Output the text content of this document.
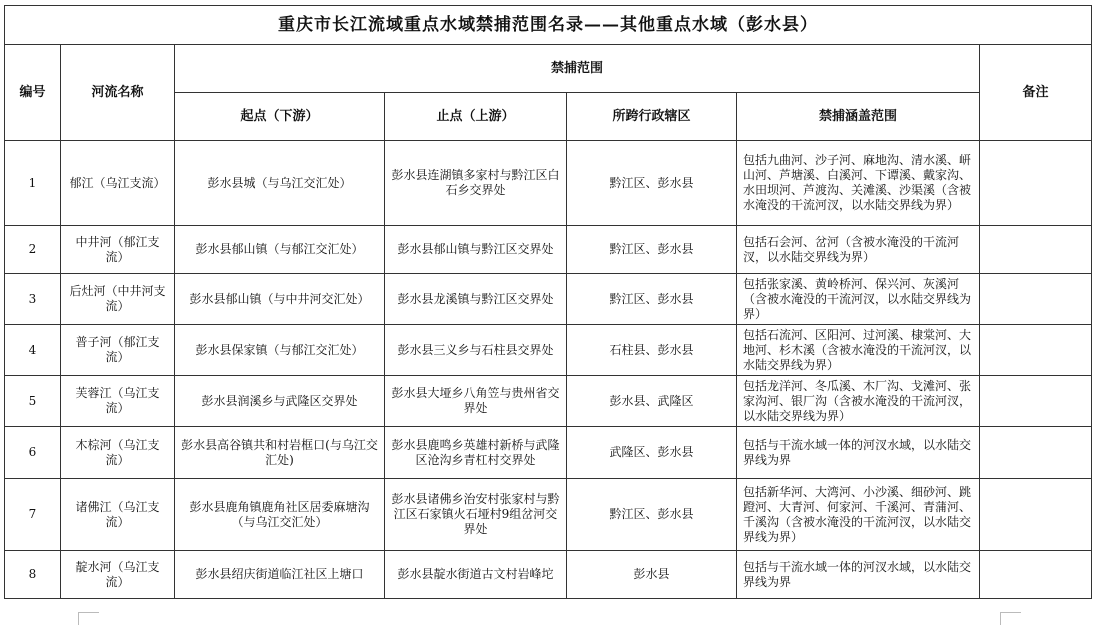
重庆市长江流域重点水域禁捕范围名录——其他重点水域（彭水县）						
编号	河流名称	禁捕范围				备注
		起点（下游）	止点（上游）	所跨行政辖区	禁捕涵盖范围	
1	郁江（乌江支流）	彭水县城（与乌江交汇处）	彭水县连湖镇多家村与黔江区白石乡交界处	黔江区、彭水县	包括九曲河、沙子河、麻地沟、清水溪、岍山河、芦塘溪、白溪河、下谭溪、戴家沟、水田坝河、芦渡沟、关滩溪、沙渠溪（含被水淹没的干流河汊，以水陆交界线为界）	
2	中井河（郁江支流）	彭水县郁山镇（与郁江交汇处）	彭水县郁山镇与黔江区交界处	黔江区、彭水县	包括石会河、岔河（含被水淹没的干流河汊，以水陆交界线为界）	
3	后灶河（中井河支流）	彭水县郁山镇（与中井河交汇处）	彭水县龙溪镇与黔江区交界处	黔江区、彭水县	包括张家溪、黄岭桥河、保兴河、灰溪河（含被水淹没的干流河汊，以水陆交界线为界）	
4	普子河（郁江支流）	彭水县保家镇（与郁江交汇处）	彭水县三义乡与石柱县交界处	石柱县、彭水县	包括石流河、区阳河、过河溪、棣棠河、大地河、杉木溪（含被水淹没的干流河汊，以水陆交界线为界）	
5	芙蓉江（乌江支流）	彭水县润溪乡与武隆区交界处	彭水县大垭乡八角笠与贵州省交界处	彭水县、武隆区	包括龙洋河、冬瓜溪、木厂沟、戈滩河、张家沟河、银厂沟（含被水淹没的干流河汊，以水陆交界线为界）	
6	木棕河（乌江支流）	彭水县高谷镇共和村岩框口(与乌江交汇处)	彭水县鹿鸣乡英雄村新桥与武隆区沧沟乡青杠村交界处	武隆区、彭水县	包括与干流水域一体的河汊水域，以水陆交界线为界	
7	诸佛江（乌江支流）	彭水县鹿角镇鹿角社区居委麻塘沟（与乌江交汇处）	彭水县诸佛乡治安村张家村与黔江区石家镇火石垭村9组岔河交界处	黔江区、彭水县	包括新华河、大湾河、小沙溪、细砂河、跳蹬河、大青河、何家河、千溪河、青蒲河、千溪沟（含被水淹没的干流河汊，以水陆交界线为界）	
8	靛水河（乌江支流）	彭水县绍庆街道临江社区上塘口	彭水县靛水街道古文村岩峰坨	彭水县	包括与干流水域一体的河汊水域，以水陆交界线为界	
